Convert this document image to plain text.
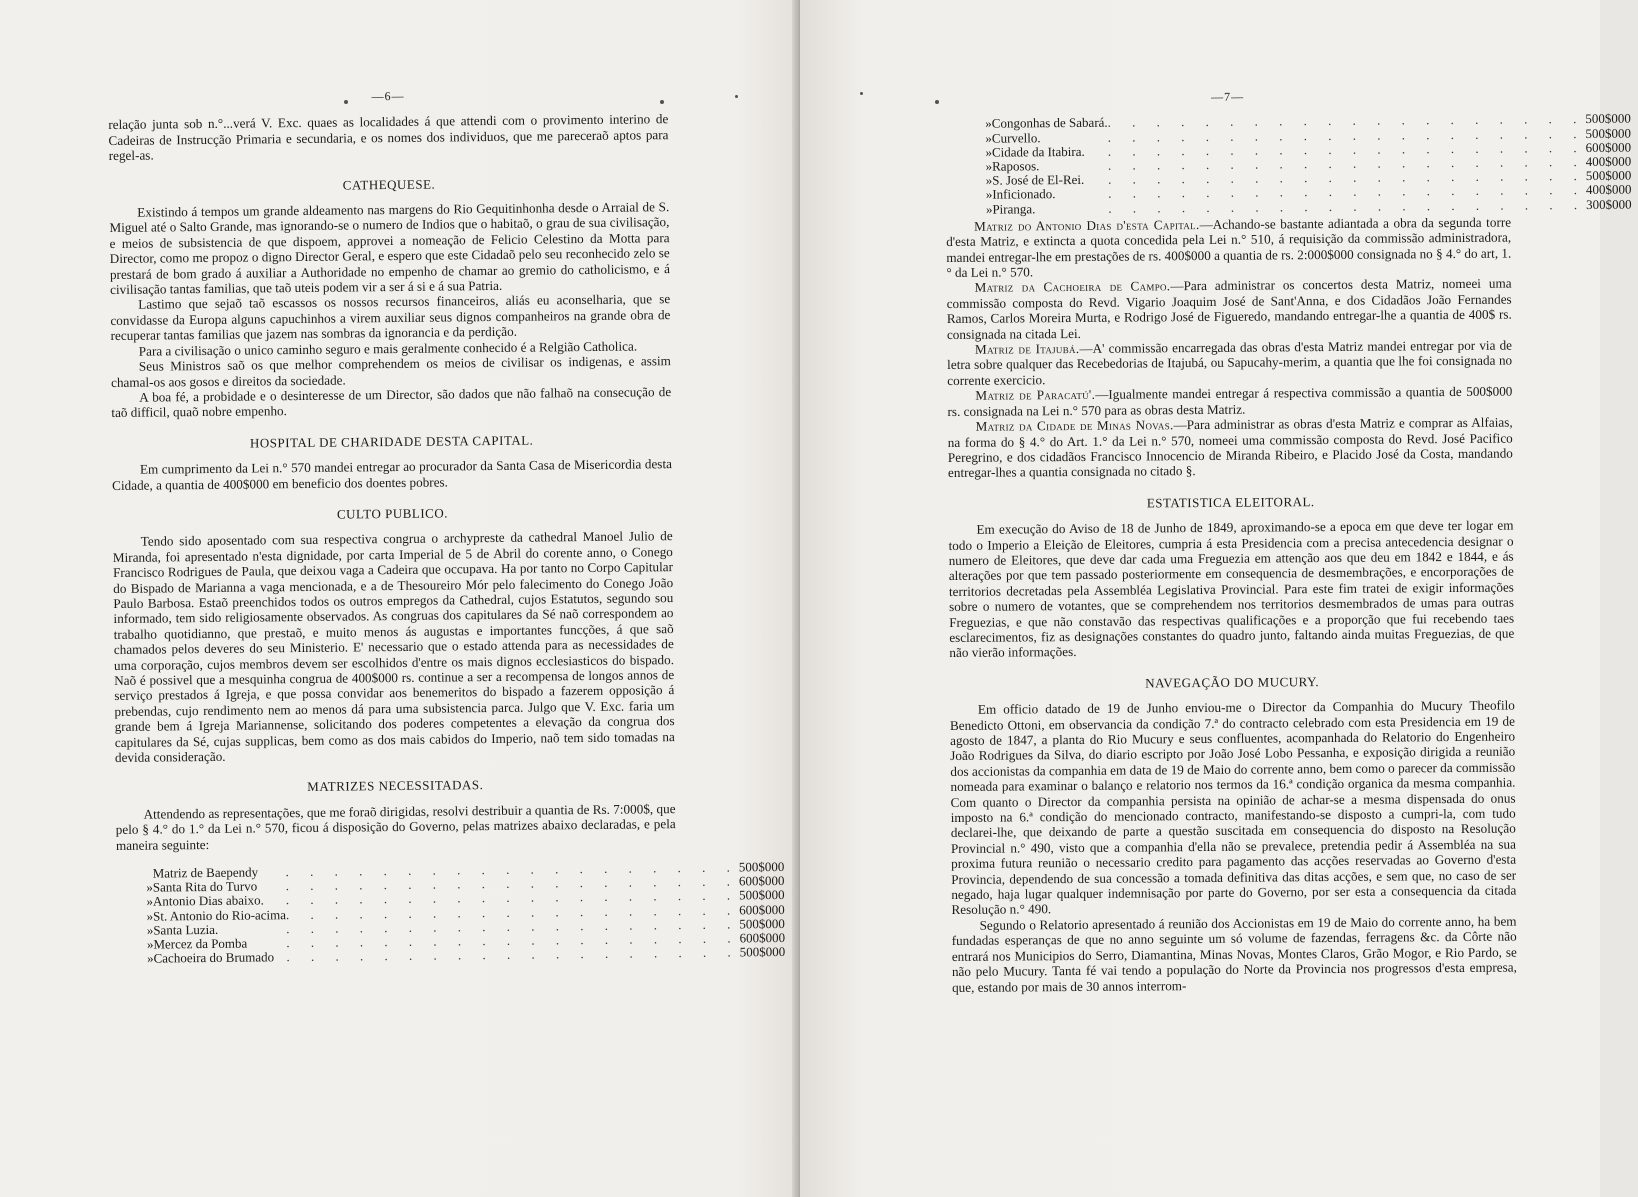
—6—

relação junta sob n.°...verá V. Exc. quaes as localidades á que attendi com o provimento interino de Cadeiras de Instrucção Primaria e secundaria, e os nomes dos individuos, que me pareceraõ aptos para regel-as.

CATHEQUESE.

Existindo á tempos um grande aldeamento nas margens do Rio Gequitinhonha desde o Arraial de S. Miguel até o Salto Grande, mas ignorando-se o numero de Indios que o habitaõ, o grau de sua civilisação, e meios de subsistencia de que dispoem, approvei a nomeação de Felicio Celestino da Motta para Director, como me propoz o digno Director Geral, e espero que este Cidadaõ pelo seu reconhecido zelo se prestará de bom grado á auxiliar a Authoridade no empenho de chamar ao gremio do catholicismo, e á civilisação tantas familias, que taõ uteis podem vir a ser á si e á sua Patria.

Lastimo que sejaõ taõ escassos os nossos recursos financeiros, aliás eu aconselharia, que se convidasse da Europa alguns capuchinhos a virem auxiliar seus dignos companheiros na grande obra de recuperar tantas familias que jazem nas sombras da ignorancia e da perdição.

Para a civilisação o unico caminho seguro e mais geralmente conhecido é a Relgião Catholica.

Seus Ministros saõ os que melhor comprehendem os meios de civilisar os indigenas, e assim chamal-os aos gosos e direitos da sociedade.

A boa fé, a probidade e o desinteresse de um Director, são dados que não falhaõ na consecução de taõ difficil, quaõ nobre empenho.

HOSPITAL DE CHARIDADE DESTA CAPITAL.

Em cumprimento da Lei n.° 570 mandei entregar ao procurador da Santa Casa de Misericordia desta Cidade, a quantia de 400$000 em beneficio dos doentes pobres.

CULTO PUBLICO.

Tendo sido aposentado com sua respectiva congrua o archypreste da cathedral Manoel Julio de Miranda, foi apresentado n'esta dignidade, por carta Imperial de 5 de Abril do corente anno, o Conego Francisco Rodrigues de Paula, que deixou vaga a Cadeira que occupava. Ha por tanto no Corpo Capitular do Bispado de Marianna a vaga mencionada, e a de Thesoureiro Mór pelo falecimento do Conego João Paulo Barbosa. Estaõ preenchidos todos os outros empregos da Cathedral, cujos Estatutos, segundo sou informado, tem sido religiosamente observados. As congruas dos capitulares da Sé naõ correspondem ao trabalho quotidianno, que prestaõ, e muito menos ás augustas e importantes funcções, á que saõ chamados pelos deveres do seu Ministerio. E' necessario que o estado attenda para as necessidades de uma corporação, cujos membros devem ser escolhidos d'entre os mais dignos ecclesiasticos do bispado. Naõ é possivel que a mesquinha congrua de 400$000 rs. continue a ser a recompensa de longos annos de serviço prestados á Igreja, e que possa convidar aos benemeritos do bispado a fazerem opposição á prebendas, cujo rendimento nem ao menos dá para uma subsistencia parca. Julgo que V. Exc. faria um grande bem á Igreja Mariannense, solicitando dos poderes competentes a elevação da congrua dos capitulares da Sé, cujas supplicas, bem como as dos mais cabidos do Imperio, naõ tem sido tomadas na devida consideração.

MATRIZES NECESSITADAS.

Attendendo as representações, que me foraõ dirigidas, resolvi destribuir a quantia de Rs. 7:000$, que pelo § 4.° do 1.° da Lei n.° 570, ficou á disposição do Governo, pelas matrizes abaixo declaradas, e pela maneira seguinte:

	Matriz de Baependy	. . . . . . . . . . . . . . . . . . .	500$000
»	Santa Rita do Turvo	. . . . . . . . . . . . . . . . . . .	600$000
»	Antonio Dias abaixo.	. . . . . . . . . . . . . . . . . . .	500$000
»	St. Antonio do Rio-acima	. . . . . . . . . . . . . . . . . . .	600$000
»	Santa Luzia.	. . . . . . . . . . . . . . . . . . .	500$000
»	Mercez da Pomba	. . . . . . . . . . . . . . . . . . .	600$000
»	Cachoeira do Brumado	. . . . . . . . . . . . . . . . . . .	500$000
—7—
»	Congonhas de Sabará.	. . . . . . . . . . . . . . . . . . . .	500$000
»	Curvello.	. . . . . . . . . . . . . . . . . . . .	500$000
»	Cidade da Itabira.	. . . . . . . . . . . . . . . . . . . .	600$000
»	Raposos.	. . . . . . . . . . . . . . . . . . . .	400$000
»	S. José de El-Rei.	. . . . . . . . . . . . . . . . . . . .	500$000
»	Inficionado.	. . . . . . . . . . . . . . . . . . . .	400$000
»	Piranga.	. . . . . . . . . . . . . . . . . . . .	300$000

Matriz do Antonio Dias d'esta Capital.—Achando-se bastante adiantada a obra da segunda torre d'esta Matriz, e extincta a quota concedida pela Lei n.° 510, á requisição da commissão administradora, mandei entregar-lhe em prestações de rs. 400$000 a quantia de rs. 2:000$000 consignada no § 4.° do art, 1.° da Lei n.° 570.

Matriz da Cachoeira de Campo.—Para administrar os concertos desta Matriz, nomeei uma commissão composta do Revd. Vigario Joaquim José de Sant'Anna, e dos Cidadãos João Fernandes Ramos, Carlos Moreira Murta, e Rodrigo José de Figueredo, mandando entregar-lhe a quantia de 400$ rs. consignada na citada Lei.

Matriz de Itajubá.—A' commissão encarregada das obras d'esta Matriz mandei entregar por via de letra sobre qualquer das Recebedorias de Itajubá, ou Sapucahy-merim, a quantia que lhe foi consignada no corrente exercicio.

Matriz de Paracatú'.—Igualmente mandei entregar á respectiva commissão a quantia de 500$000 rs. consignada na Lei n.° 570 para as obras desta Matriz.

Matriz da Cidade de Minas Novas.—Para administrar as obras d'esta Matriz e comprar as Alfaias, na forma do § 4.° do Art. 1.° da Lei n.° 570, nomeei uma commissão composta do Revd. José Pacifico Peregrino, e dos cidadãos Francisco Innocencio de Miranda Ribeiro, e Placido José da Costa, mandando entregar-lhes a quantia consignada no citado §.

ESTATISTICA ELEITORAL.

Em execução do Aviso de 18 de Junho de 1849, aproximando-se a epoca em que deve ter logar em todo o Imperio a Eleição de Eleitores, cumpria á esta Presidencia com a precisa antecedencia designar o numero de Eleitores, que deve dar cada uma Freguezia em attenção aos que deu em 1842 e 1844, e ás alterações por que tem passado posteriormente em consequencia de desmembrações, e encorporações de territorios decretadas pela Assembléa Legislativa Provincial. Para este fim tratei de exigir informações sobre o numero de votantes, que se comprehendem nos territorios desmembrados de umas para outras Freguezias, e que não constavão das respectivas qualificações e a proporção que fui recebendo taes esclarecimentos, fiz as designações constantes do quadro junto, faltando ainda muitas Freguezias, de que não vierão informações.

NAVEGAÇÃO DO MUCURY.

Em officio datado de 19 de Junho enviou-me o Director da Companhia do Mucury Theofilo Benedicto Ottoni, em observancia da condição 7.ª do contracto celebrado com esta Presidencia em 19 de agosto de 1847, a planta do Rio Mucury e seus confluentes, acompanhada do Relatorio do Engenheiro João Rodrigues da Silva, do diario escripto por João José Lobo Pessanha, e exposição dirigida a reunião dos accionistas da companhia em data de 19 de Maio do corrente anno, bem como o parecer da commissão nomeada para examinar o balanço e relatorio nos termos da 16.ª condição organica da mesma companhia. Com quanto o Director da companhia persista na opinião de achar-se a mesma dispensada do onus imposto na 6.ª condição do mencionado contracto, manifestando-se disposto a cumpri-la, com tudo declarei-lhe, que deixando de parte a questão suscitada em consequencia do disposto na Resolução Provincial n.° 490, visto que a companhia d'ella não se prevalece, pretendia pedir á Assembléa na sua proxima futura reunião o necessario credito para pagamento das acções reservadas ao Governo d'esta Provincia, dependendo de sua concessão a tomada definitiva das ditas acções, e sem que, no caso de ser negado, haja lugar qualquer indemnisação por parte do Governo, por ser esta a consequencia da citada Resolução n.° 490.

Segundo o Relatorio apresentado á reunião dos Accionistas em 19 de Maio do corrente anno, ha bem fundadas esperanças de que no anno seguinte um só volume de fazendas, ferragens &c. da Côrte não entrará nos Municipios do Serro, Diamantina, Minas Novas, Montes Claros, Grão Mogor, e Rio Pardo, se não pelo Mucury. Tanta fé vai tendo a população do Norte da Provincia nos progressos d'esta empresa, que, estando por mais de 30 annos interrom-
